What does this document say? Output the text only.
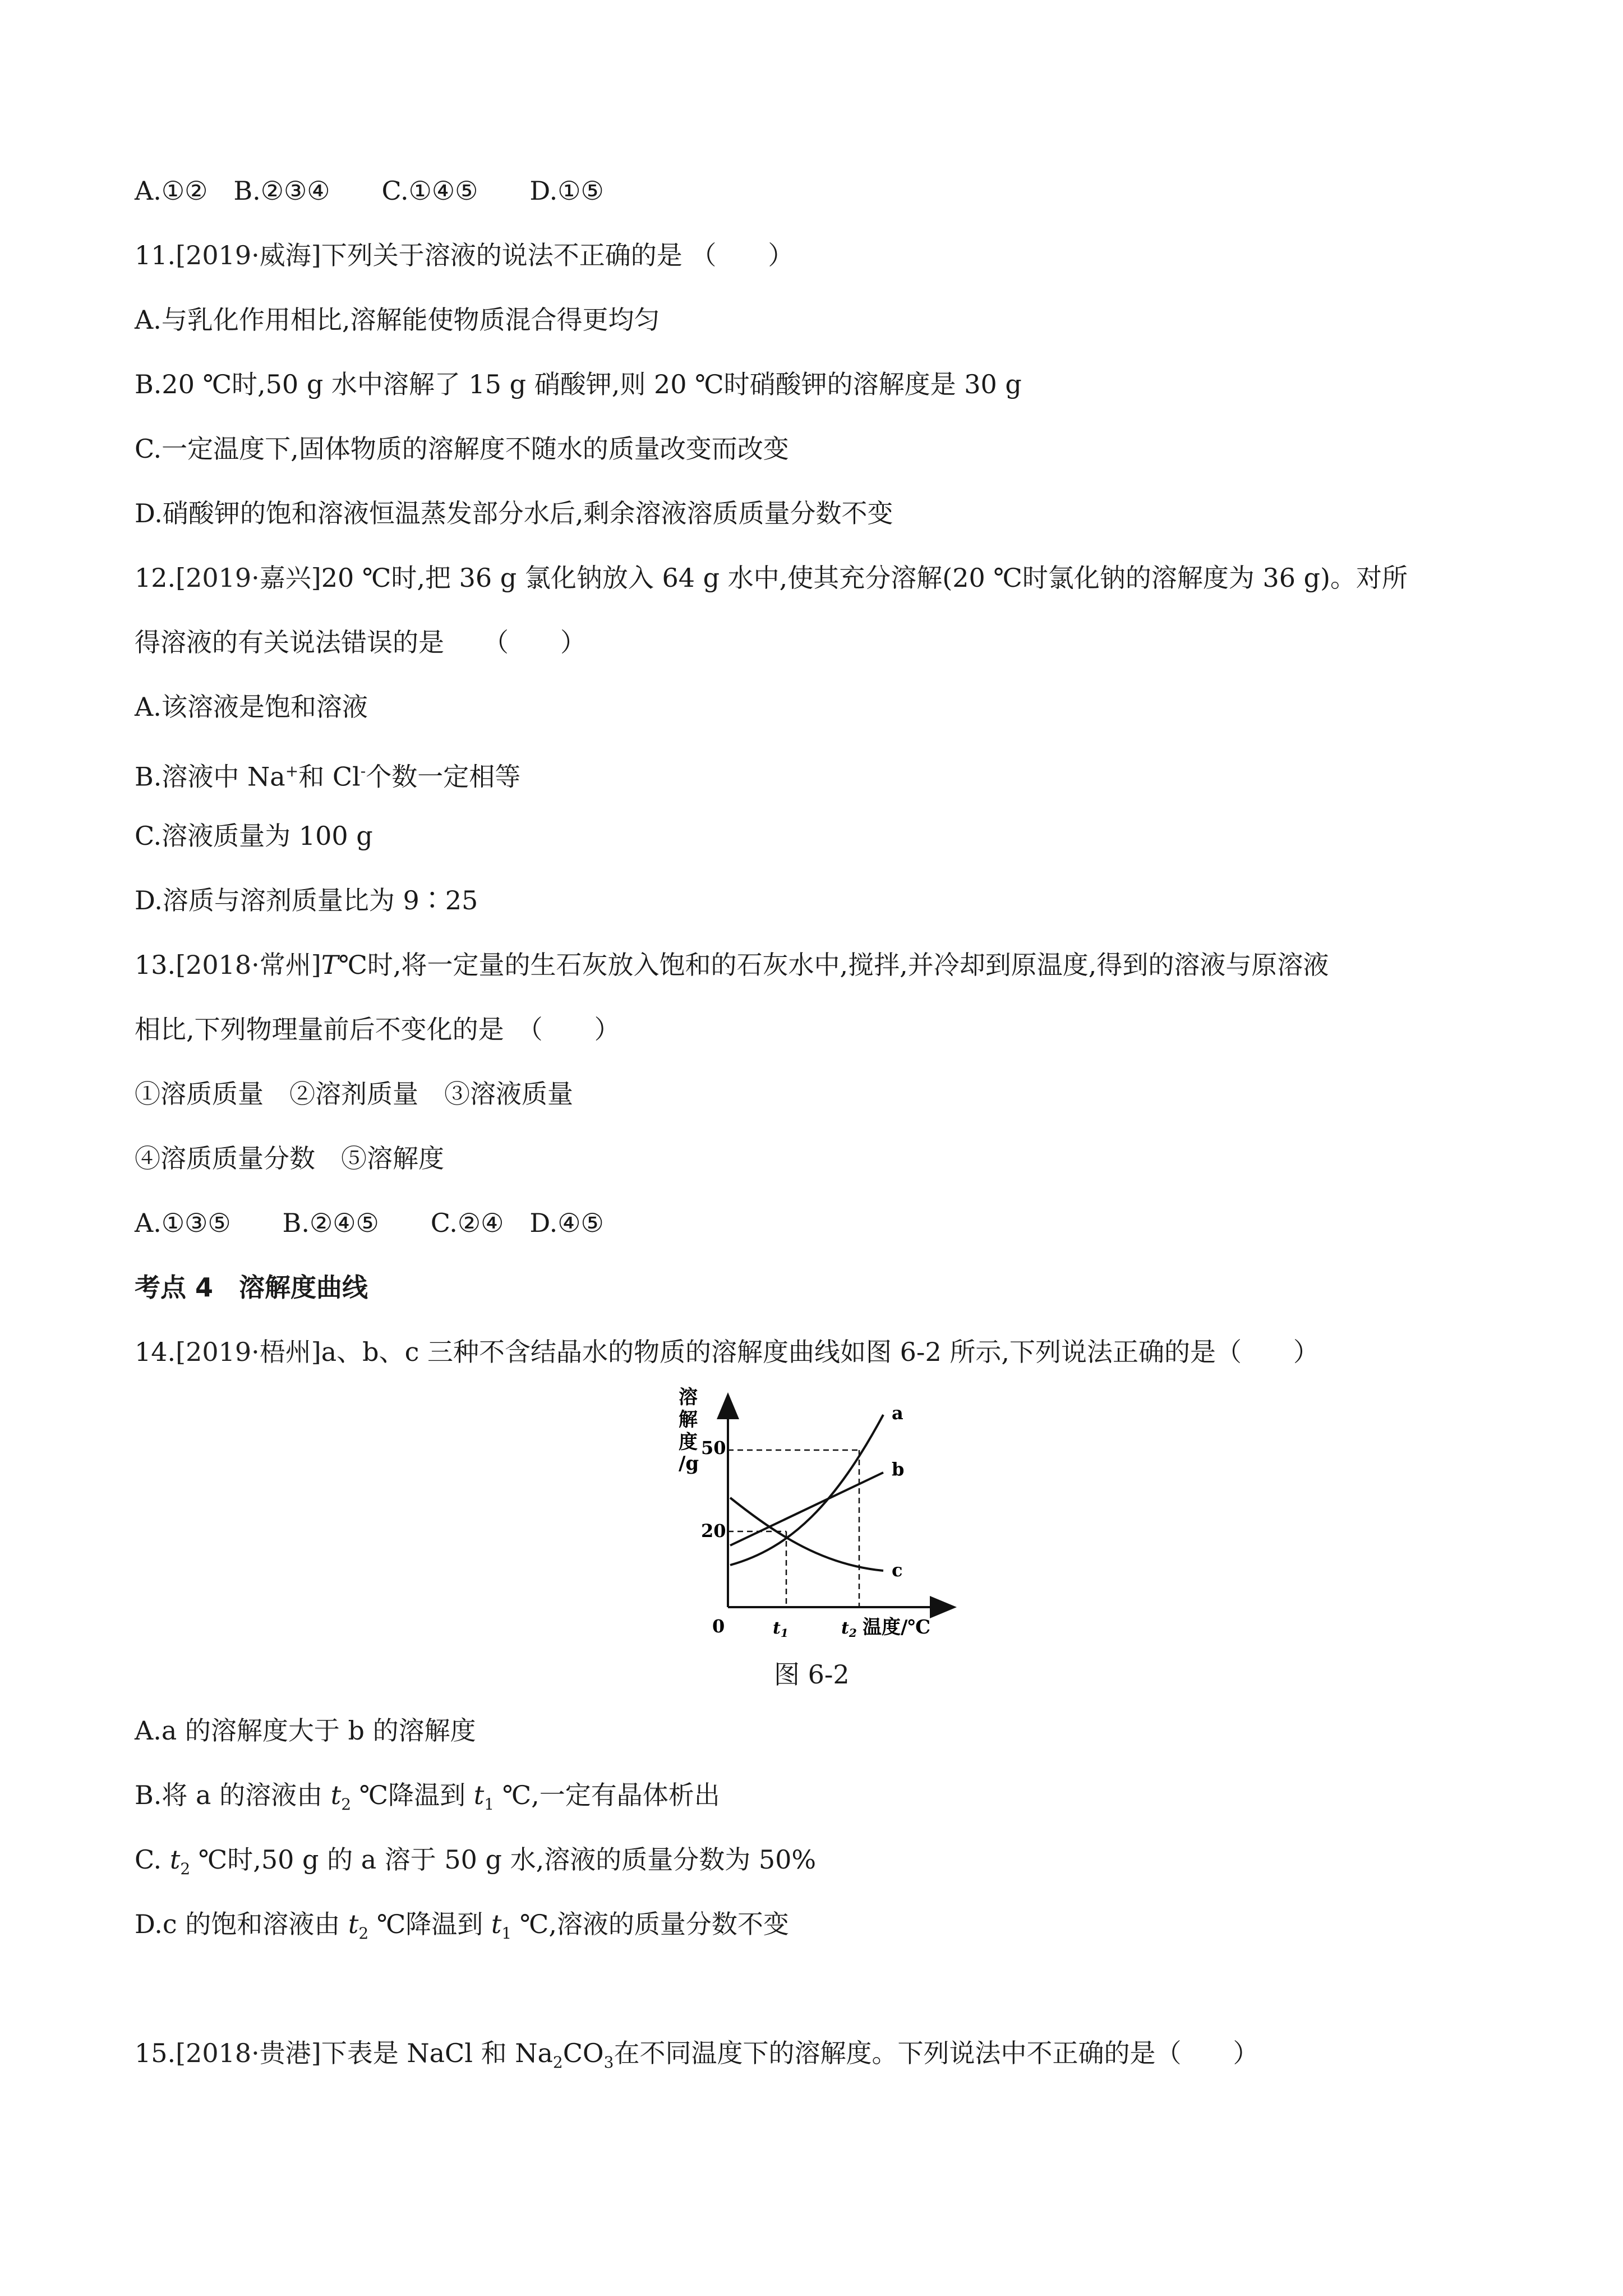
A.①②　B.②③④　　C.①④⑤　　D.①⑤
11.[2019·威海]下列关于溶液的说法不正确的是 （　　）
A.与乳化作用相比,溶解能使物质混合得更均匀
B.20 ℃时,50 g 水中溶解了 15 g 硝酸钾,则 20 ℃时硝酸钾的溶解度是 30 g
C.一定温度下,固体物质的溶解度不随水的质量改变而改变
D.硝酸钾的饱和溶液恒温蒸发部分水后,剩余溶液溶质质量分数不变
12.[2019·嘉兴]20 ℃时,把 36 g 氯化钠放入 64 g 水中,使其充分溶解(20 ℃时氯化钠的溶解度为 36 g)。对所
得溶液的有关说法错误的是　　（　　）
A.该溶液是饱和溶液
B.溶液中 Na+和 Cl-个数一定相等
C.溶液质量为 100 g
D.溶质与溶剂质量比为 9∶25
13.[2018·常州]T℃时,将一定量的生石灰放入饱和的石灰水中,搅拌,并冷却到原温度,得到的溶液与原溶液
相比,下列物理量前后不变化的是　（　　）
①溶质质量　②溶剂质量　③溶液质量
④溶质质量分数　⑤溶解度
A.①③⑤　　B.②④⑤　　C.②④　D.④⑤
考点 4　溶解度曲线
14.[2019·梧州]a、b、c 三种不含结晶水的物质的溶解度曲线如图 6-2 所示,下列说法正确的是（　　）
溶
解
度
/g
50
20
0	$t_1$	$t_2$ 温度/℃
a
b
c
图 6-2
A.a 的溶解度大于 b 的溶解度
B.将 a 的溶液由 $t_2$ ℃降温到 $t_1$ ℃,一定有晶体析出
C. $t_2$ ℃时,50 g 的 a 溶于 50 g 水,溶液的质量分数为 50%
D.c 的饱和溶液由 $t_2$ ℃降温到 $t_1$ ℃,溶液的质量分数不变
15.[2018·贵港]下表是 NaCl 和 $Na_2CO_3$在不同温度下的溶解度。下列说法中不正确的是（　　）
